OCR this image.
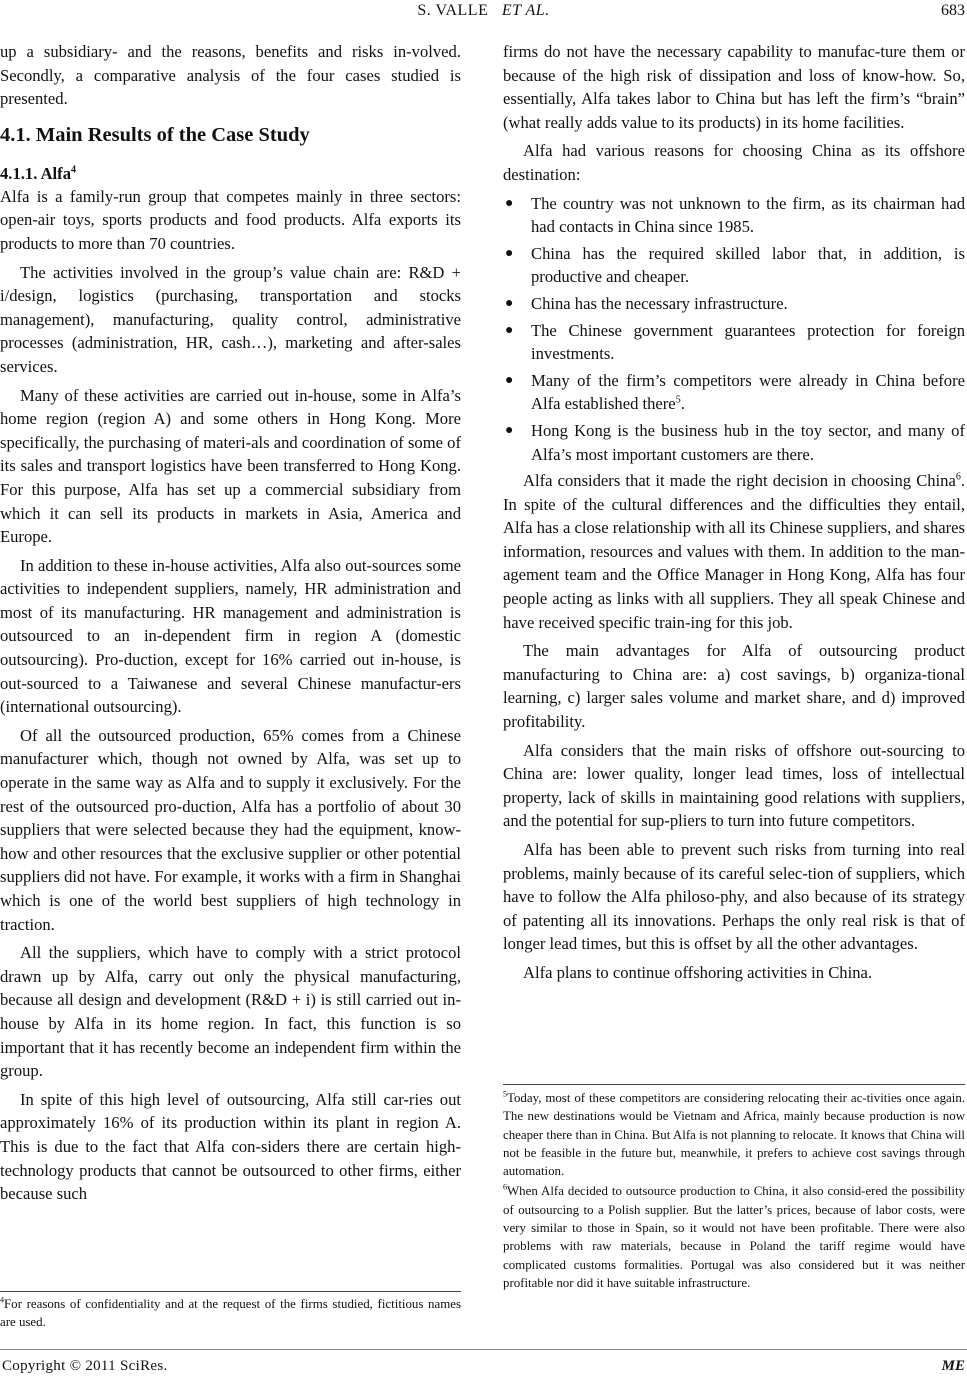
S. VALLE ET AL.	683

up a subsidiary- and the reasons, benefits and risks in-volved. Secondly, a comparative analysis of the four cases studied is presented.

4.1. Main Results of the Case Study
4.1.1. Alfa$^4$

Alfa is a family-run group that competes mainly in three sectors: open-air toys, sports products and food products. Alfa exports its products to more than 70 countries.

The activities involved in the group’s value chain are: R&D + i/design, logistics (purchasing, transportation and stocks management), manufacturing, quality control, administrative processes (administration, HR, cash…), marketing and after-sales services.

Many of these activities are carried out in-house, some in Alfa’s home region (region A) and some others in Hong Kong. More specifically, the purchasing of materi-als and coordination of some of its sales and transport logistics have been transferred to Hong Kong. For this purpose, Alfa has set up a commercial subsidiary from which it can sell its products in markets in Asia, America and Europe.

In addition to these in-house activities, Alfa also out-sources some activities to independent suppliers, namely, HR administration and most of its manufacturing. HR management and administration is outsourced to an in-dependent firm in region A (domestic outsourcing). Pro-duction, except for 16% carried out in-house, is out-sourced to a Taiwanese and several Chinese manufactur-ers (international outsourcing).

Of all the outsourced production, 65% comes from a Chinese manufacturer which, though not owned by Alfa, was set up to operate in the same way as Alfa and to supply it exclusively. For the rest of the outsourced pro-duction, Alfa has a portfolio of about 30 suppliers that were selected because they had the equipment, know-how and other resources that the exclusive supplier or other potential suppliers did not have. For example, it works with a firm in Shanghai which is one of the world best suppliers of high technology in traction.

All the suppliers, which have to comply with a strict protocol drawn up by Alfa, carry out only the physical manufacturing, because all design and development (R&D + i) is still carried out in-house by Alfa in its home region. In fact, this function is so important that it has recently become an independent firm within the group.

In spite of this high level of outsourcing, Alfa still car-ries out approximately 16% of its production within its plant in region A. This is due to the fact that Alfa con-siders there are certain high-technology products that cannot be outsourced to other firms, either because such

$^4$For reasons of confidentiality and at the request of the firms studied, fictitious names are used.

firms do not have the necessary capability to manufac-ture them or because of the high risk of dissipation and loss of know-how. So, essentially, Alfa takes labor to China but has left the firm’s “brain” (what really adds value to its products) in its home facilities.

Alfa had various reasons for choosing China as its offshore destination:

● The country was not unknown to the firm, as its chairman had had contacts in China since 1985.
● China has the required skilled labor that, in addition, is productive and cheaper.
● China has the necessary infrastructure.
● The Chinese government guarantees protection for foreign investments.
● Many of the firm’s competitors were already in China before Alfa established there$^5$.
● Hong Kong is the business hub in the toy sector, and many of Alfa’s most important customers are there.

Alfa considers that it made the right decision in choosing China$^6$. In spite of the cultural differences and the difficulties they entail, Alfa has a close relationship with all its Chinese suppliers, and shares information, resources and values with them. In addition to the man-agement team and the Office Manager in Hong Kong, Alfa has four people acting as links with all suppliers. They all speak Chinese and have received specific train-ing for this job.

The main advantages for Alfa of outsourcing product manufacturing to China are: a) cost savings, b) organiza-tional learning, c) larger sales volume and market share, and d) improved profitability.

Alfa considers that the main risks of offshore out-sourcing to China are: lower quality, longer lead times, loss of intellectual property, lack of skills in maintaining good relations with suppliers, and the potential for sup-pliers to turn into future competitors.

Alfa has been able to prevent such risks from turning into real problems, mainly because of its careful selec-tion of suppliers, which have to follow the Alfa philoso-phy, and also because of its strategy of patenting all its innovations. Perhaps the only real risk is that of longer lead times, but this is offset by all the other advantages.

Alfa plans to continue offshoring activities in China.

$^5$Today, most of these competitors are considering relocating their ac-tivities once again. The new destinations would be Vietnam and Africa, mainly because production is now cheaper there than in China. But Alfa is not planning to relocate. It knows that China will not be feasible in the future but, meanwhile, it prefers to achieve cost savings through automation.

$^6$When Alfa decided to outsource production to China, it also consid-ered the possibility of outsourcing to a Polish supplier. But the latter’s prices, because of labor costs, were very similar to those in Spain, so it would not have been profitable. There were also problems with raw materials, because in Poland the tariff regime would have complicated customs formalities. Portugal was also considered but it was neither profitable nor did it have suitable infrastructure.

Copyright © 2011 SciRes.	ME
